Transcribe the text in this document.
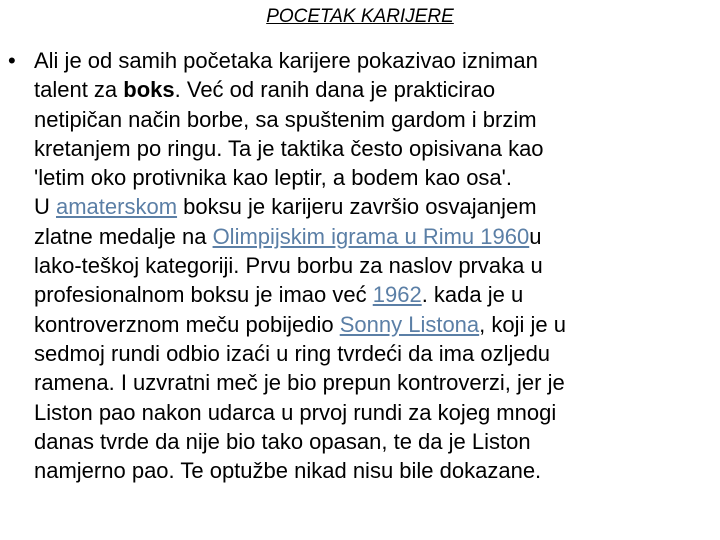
POCETAK KARIJERE
• Ali je od samih početaka karijere pokazivao izniman
talent za boks. Već od ranih dana je prakticirao
netipičan način borbe, sa spuštenim gardom i brzim
kretanjem po ringu. Ta je taktika često opisivana kao
'letim oko protivnika kao leptir, a bodem kao osa'.
U amaterskom boksu je karijeru završio osvajanjem
zlatne medalje na Olimpijskim igrama u Rimu 1960u
lako-teškoj kategoriji. Prvu borbu za naslov prvaka u
profesionalnom boksu je imao već 1962. kada je u
kontroverznom meču pobijedio Sonny Listona, koji je u
sedmoj rundi odbio izaći u ring tvrdeći da ima ozljedu
ramena. I uzvratni meč je bio prepun kontroverzi, jer je
Liston pao nakon udarca u prvoj rundi za kojeg mnogi
danas tvrde da nije bio tako opasan, te da je Liston
namjerno pao. Te optužbe nikad nisu bile dokazane.
